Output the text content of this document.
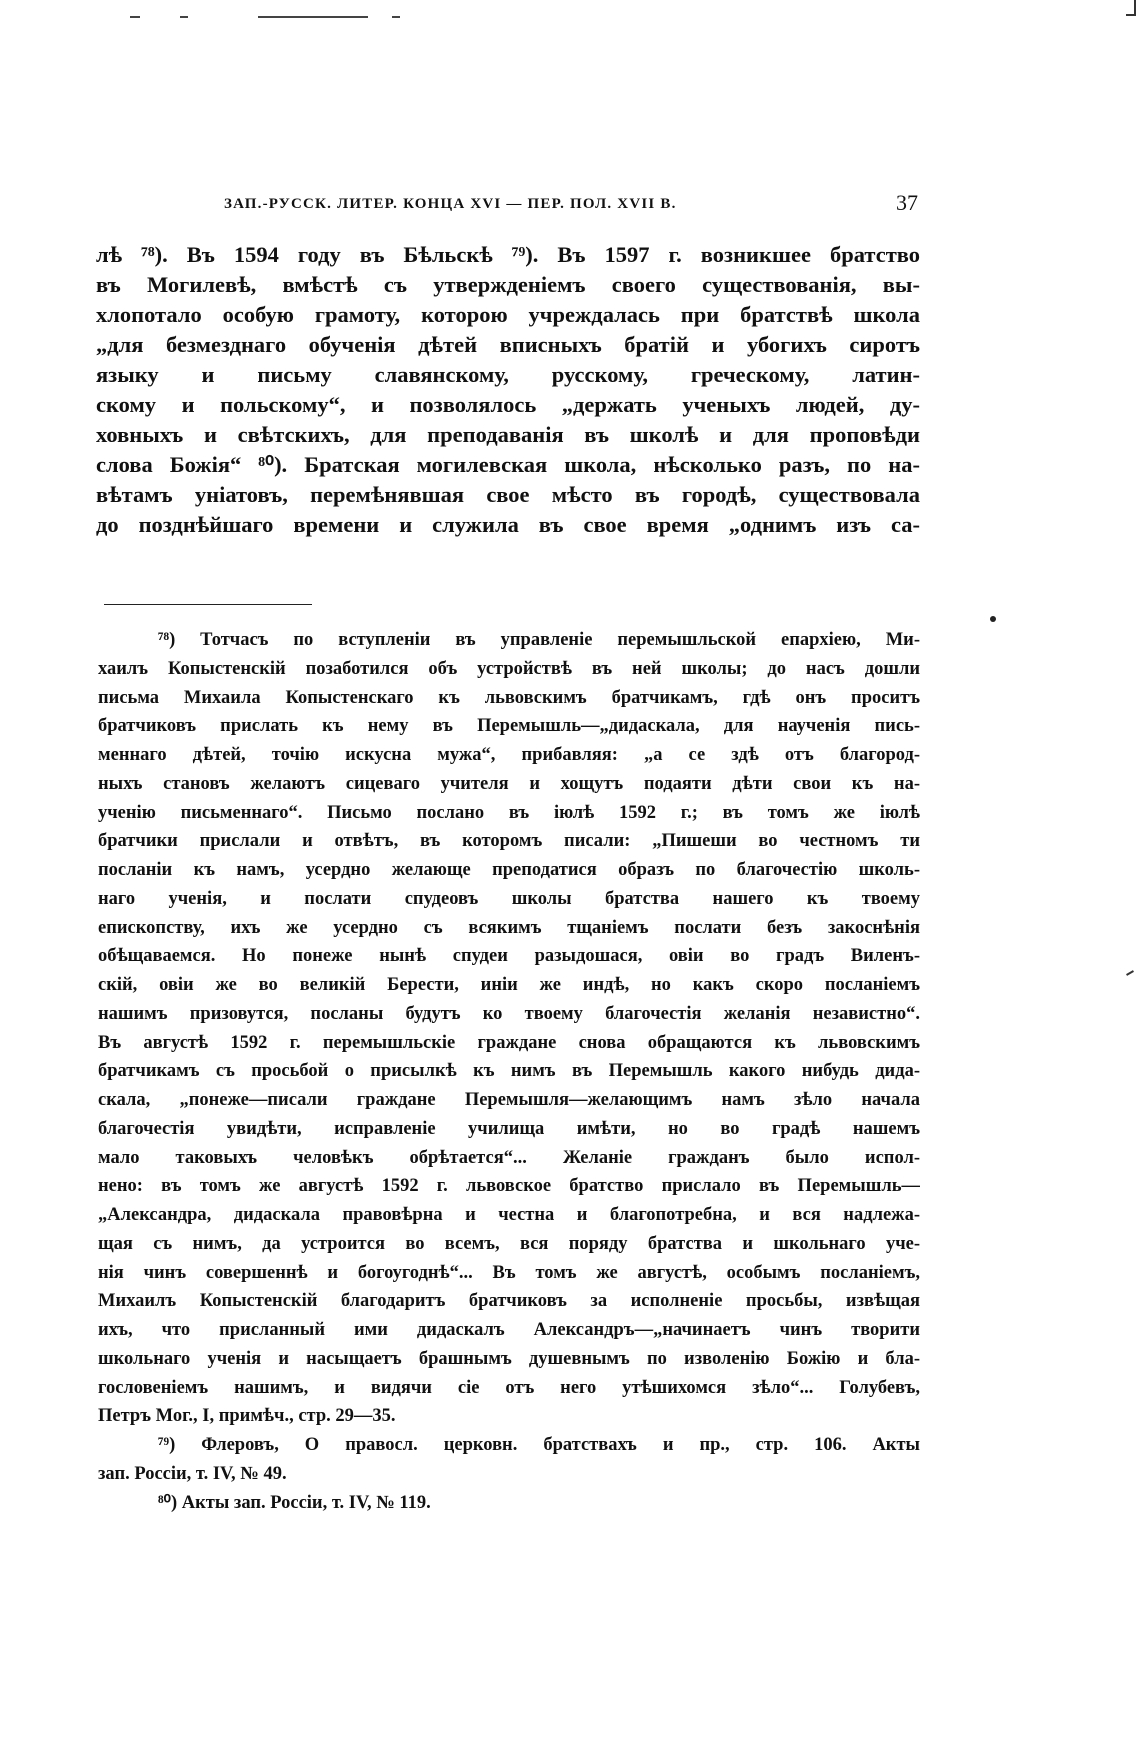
ЗАП.-РУССК. ЛИТЕР. КОНЦА XVI — ПЕР. ПОЛ. XVII В.	37
лѣ ⁷⁸). Въ 1594 году въ Бѣльскѣ ⁷⁹). Въ 1597 г. возникшее братство
въ Могилевѣ, вмѣстѣ съ утвержденіемъ своего существованія, вы-
хлопотало особую грамоту, которою учреждалась при братствѣ школа
„для безмезднаго обученія дѣтей вписныхъ братій и убогихъ сиротъ
языку и письму славянскому, русскому, греческому, латин-
скому и польскому“, и позволялось „держать ученыхъ людей, ду-
ховныхъ и свѣтскихъ, для преподаванія въ школѣ и для проповѣди
слова Божія“ ⁸⁰). Братская могилевская школа, нѣсколько разъ, по на-
вѣтамъ уніатовъ, перемѣнявшая свое мѣсто въ городѣ, существовала
до позднѣйшаго времени и служила въ свое время „однимъ изъ са-
⁷⁸) Тотчасъ по вступленіи въ управленіе перемышльской епархіею, Ми-
хаилъ Копыстенскій позаботился объ устройствѣ въ ней школы; до насъ дошли
письма Михаила Копыстенскаго къ львовскимъ братчикамъ, гдѣ онъ проситъ
братчиковъ прислать къ нему въ Перемышль—„дидаскала, для наученія пись-
меннаго дѣтей, точію искусна мужа“, прибавляя: „а се здѣ отъ благород-
ныхъ становъ желаютъ сицеваго учителя и хощутъ подаяти дѣти свои къ на-
ученію письменнаго“. Письмо послано въ іюлѣ 1592 г.; въ томъ же іюлѣ
братчики прислали и отвѣтъ, въ которомъ писали: „Пишеши во честномъ ти
посланіи къ намъ, усердно желающе преподатися образъ по благочестію школь-
наго ученія, и послати спудеовъ школы братства нашего къ твоему
епископству, ихъ же усердно съ всякимъ тщаніемъ послати безъ закоснѣнія
обѣщаваемся. Но понеже нынѣ спудеи разыдошася, овіи во градъ Виленъ-
скій, овіи же во великій Берести, иніи же индѣ, но какъ скоро посланіемъ
нашимъ призовутся, посланы будутъ ко твоему благочестія желанія независтно“.
Въ августѣ 1592 г. перемышльскіе граждане снова обращаются къ львовскимъ
братчикамъ съ просьбой о присылкѣ къ нимъ въ Перемышль какого нибудь дида-
скала, „понеже—писали граждане Перемышля—желающимъ намъ зѣло начала
благочестія увидѣти, исправленіе училища имѣти, но во градѣ нашемъ
мало таковыхъ человѣкъ обрѣтается“... Желаніе гражданъ было испол-
нено: въ томъ же августѣ 1592 г. львовское братство прислало въ Перемышль—
„Александра, дидаскала правовѣрна и честна и благопотребна, и вся надлежа-
щая съ нимъ, да устроится во всемъ, вся поряду братства и школьнаго уче-
нія чинъ совершеннѣ и богоугоднѣ“... Въ томъ же августѣ, особымъ посланіемъ,
Михаилъ Копыстенскій благодаритъ братчиковъ за исполненіе просьбы, извѣщая
ихъ, что присланный ими дидаскалъ Александръ—„начинаетъ чинъ творити
школьнаго ученія и насыщаетъ брашнымъ душевнымъ по изволенію Божію и бла-
гословеніемъ нашимъ, и видячи сіе отъ него утѣшихомся зѣло“... Голубевъ,
Петръ Мог., I, примѣч., стр. 29—35.
⁷⁹) Флеровъ, О правосл. церковн. братствахъ и пр., стр. 106. Акты
зап. Россіи, т. IV, № 49.
⁸⁰) Акты зап. Россіи, т. IV, № 119.
